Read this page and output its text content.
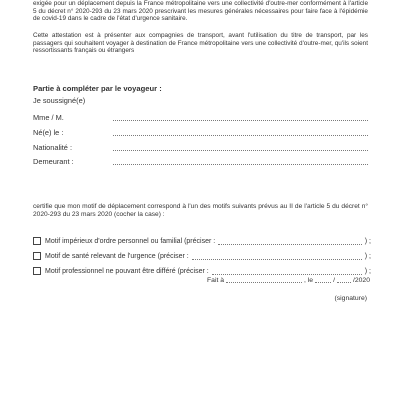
exigée pour un déplacement depuis la France métropolitaine vers une collectivité d'outre-mer conformément à l'article 5 du décret n° 2020-293 du 23 mars 2020 prescrivant les mesures générales nécessaires pour faire face à l'épidémie de covid-19 dans le cadre de l'état d'urgence sanitaire.
Cette attestation est à présenter aux compagnies de transport, avant l'utilisation du titre de transport, par les passagers qui souhaitent voyager à destination de France métropolitaine vers une collectivité d'outre-mer, qu'ils soient ressortissants français ou étrangers
Partie à compléter par le voyageur :
Je soussigné(e)
Mme / M.
Né(e) le :
Nationalité :
Demeurant :
certifie que mon motif de déplacement correspond à l'un des motifs suivants prévus au II de l'article 5 du décret n° 2020-293 du 23 mars 2020 (cocher la case) :
Motif impérieux d'ordre personnel ou familial (préciser :	) ;
Motif de santé relevant de l'urgence (préciser :	) ;
Motif professionnel ne pouvant être différé (préciser :	) ;
Fait à	, le	/	/2020
(signature)
